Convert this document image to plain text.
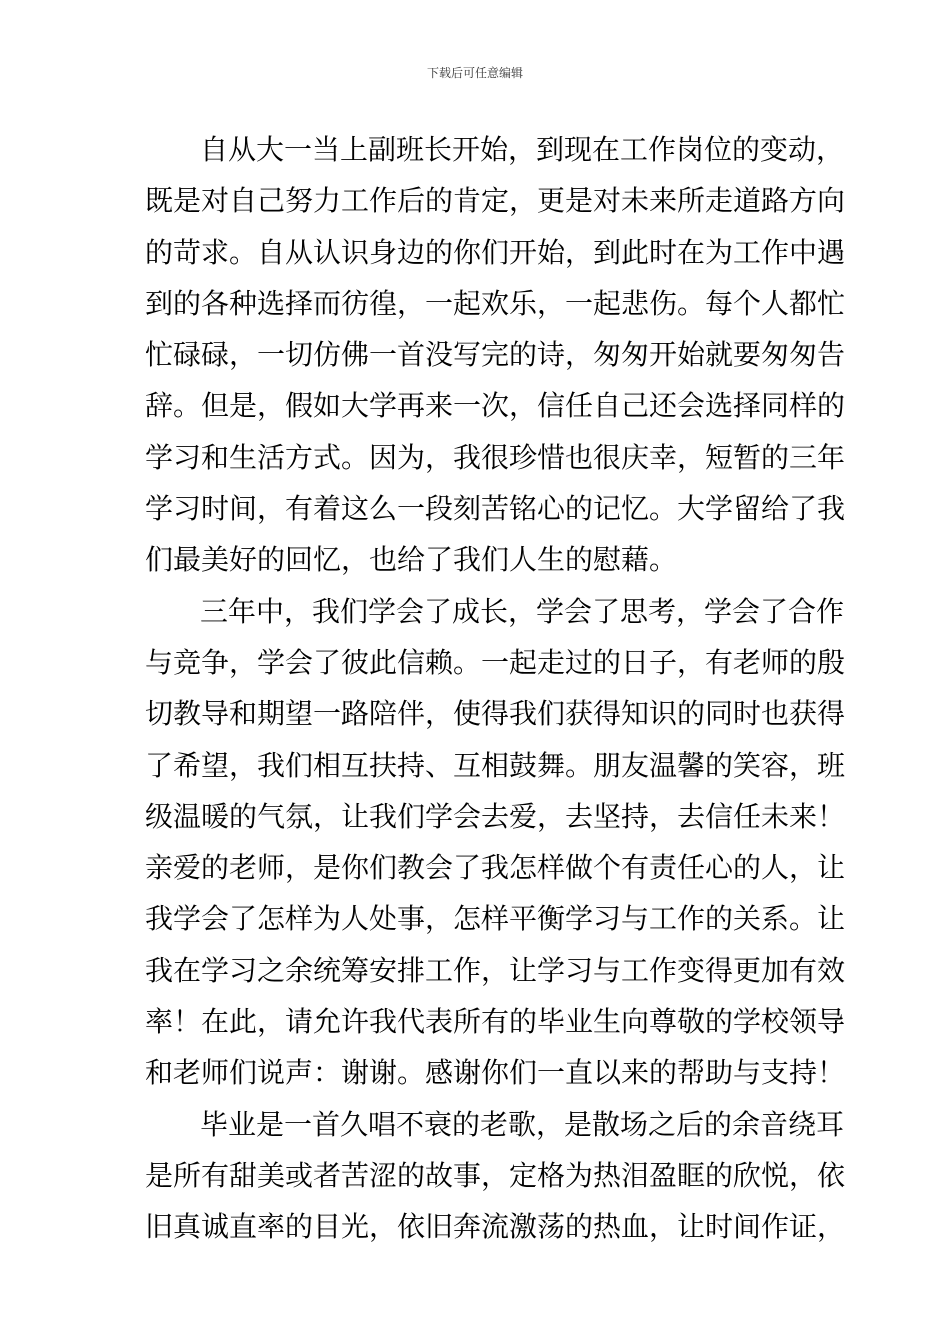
下载后可任意编辑
自从大一当上副班长开始，到现在工作岗位的变动，
既是对自己努力工作后的肯定，更是对未来所走道路方向
的苛求。自从认识身边的你们开始，到此时在为工作中遇
到的各种选择而彷徨，一起欢乐，一起悲伤。每个人都忙
忙碌碌，一切仿佛一首没写完的诗，匆匆开始就要匆匆告
辞。但是，假如大学再来一次，信任自己还会选择同样的
学习和生活方式。因为，我很珍惜也很庆幸，短暂的三年
学习时间，有着这么一段刻苦铭心的记忆。大学留给了我
们最美好的回忆，也给了我们人生的慰藉。
三年中，我们学会了成长，学会了思考，学会了合作
与竞争，学会了彼此信赖。一起走过的日子，有老师的殷
切教导和期望一路陪伴，使得我们获得知识的同时也获得
了希望，我们相互扶持、互相鼓舞。朋友温馨的笑容，班
级温暖的气氛，让我们学会去爱，去坚持，去信任未来！
亲爱的老师，是你们教会了我怎样做个有责任心的人，让
我学会了怎样为人处事，怎样平衡学习与工作的关系。让
我在学习之余统筹安排工作，让学习与工作变得更加有效
率！在此，请允许我代表所有的毕业生向尊敬的学校领导
和老师们说声：谢谢。感谢你们一直以来的帮助与支持！
毕业是一首久唱不衰的老歌，是散场之后的余音绕耳
是所有甜美或者苦涩的故事，定格为热泪盈眶的欣悦，依
旧真诚直率的目光，依旧奔流激荡的热血，让时间作证，
